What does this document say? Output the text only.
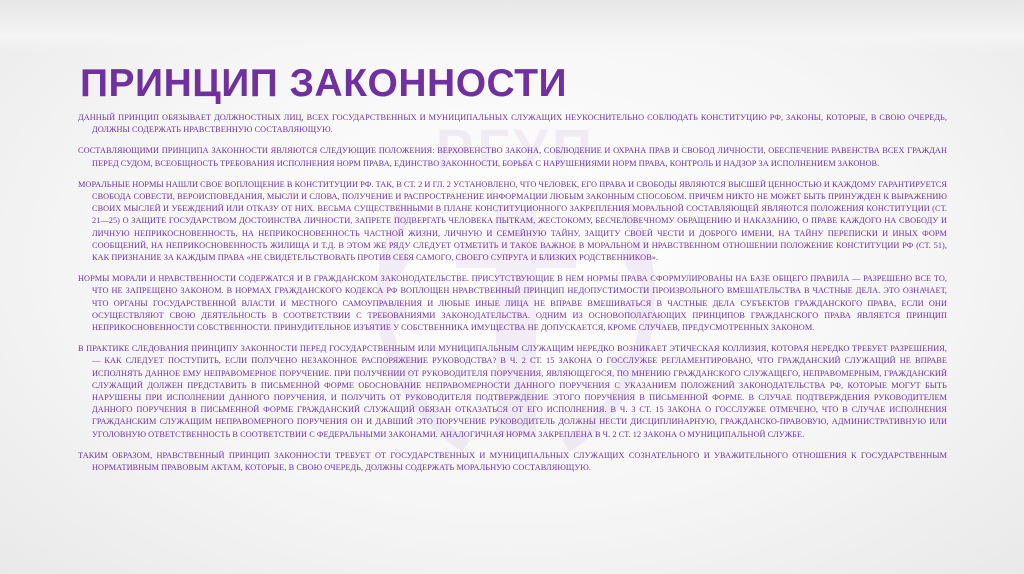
РГУП
ПРИНЦИП ЗАКОННОСТИ

ДАННЫЙ ПРИНЦИП ОБЯЗЫВАЕТ ДОЛЖНОСТНЫХ ЛИЦ, ВСЕХ ГОСУДАРСТВЕННЫХ И МУНИЦИПАЛЬНЫХ СЛУЖАЩИХ НЕУКОСНИТЕЛЬНО СОБЛЮДАТЬ КОНСТИТУЦИЮ РФ, ЗАКОНЫ, КОТОРЫЕ, В СВОЮ ОЧЕРЕДЬ, ДОЛЖНЫ СОДЕРЖАТЬ НРАВСТВЕННУЮ СОСТАВЛЯЮЩУЮ.

СОСТАВЛЯЮЩИМИ ПРИНЦИПА ЗАКОННОСТИ ЯВЛЯЮТСЯ СЛЕДУЮЩИЕ ПОЛОЖЕНИЯ: ВЕРХОВЕНСТВО ЗАКОНА, СОБЛЮДЕНИЕ И ОХРАНА ПРАВ И СВОБОД ЛИЧНОСТИ, ОБЕСПЕЧЕНИЕ РАВЕНСТВА ВСЕХ ГРАЖДАН ПЕРЕД СУДОМ, ВСЕОБЩНОСТЬ ТРЕБОВАНИЯ ИСПОЛНЕНИЯ НОРМ ПРАВА, ЕДИНСТВО ЗАКОННОСТИ, БОРЬБА С НАРУШЕНИЯМИ НОРМ ПРАВА, КОНТРОЛЬ И НАДЗОР ЗА ИСПОЛНЕНИЕМ ЗАКОНОВ.

МОРАЛЬНЫЕ НОРМЫ НАШЛИ СВОЕ ВОПЛОЩЕНИЕ В КОНСТИТУЦИИ РФ. ТАК, В СТ. 2 И ГЛ. 2 УСТАНОВЛЕНО, ЧТО ЧЕЛОВЕК, ЕГО ПРАВА И СВОБОДЫ ЯВЛЯЮТСЯ ВЫСШЕЙ ЦЕННОСТЬЮ И КАЖДОМУ ГАРАНТИРУЕТСЯ СВОБОДА СОВЕСТИ, ВЕРОИСПОВЕДАНИЯ, МЫСЛИ И СЛОВА, ПОЛУЧЕНИЕ И РАСПРОСТРАНЕНИЕ ИНФОРМАЦИИ ЛЮБЫМ ЗАКОННЫМ СПОСОБОМ. ПРИЧЕМ НИКТО НЕ МОЖЕТ БЫТЬ ПРИНУЖДЕН К ВЫРАЖЕНИЮ СВОИХ МЫСЛЕЙ И УБЕЖДЕНИЙ ИЛИ ОТКАЗУ ОТ НИХ. ВЕСЬМА СУЩЕСТВЕННЫМИ В ПЛАНЕ КОНСТИТУЦИОННОГО ЗАКРЕПЛЕНИЯ МОРАЛЬНОЙ СОСТАВЛЯЮЩЕЙ ЯВЛЯЮТСЯ ПОЛОЖЕНИЯ КОНСТИТУЦИИ (СТ. 21—25) О ЗАЩИТЕ ГОСУДАРСТВОМ ДОСТОИНСТВА ЛИЧНОСТИ, ЗАПРЕТЕ ПОДВЕРГАТЬ ЧЕЛОВЕКА ПЫТКАМ, ЖЕСТОКОМУ, БЕСЧЕЛОВЕЧНОМУ ОБРАЩЕНИЮ И НАКАЗАНИЮ, О ПРАВЕ КАЖДОГО НА СВОБОДУ И ЛИЧНУЮ НЕПРИКОСНОВЕННОСТЬ, НА НЕПРИКОСНОВЕННОСТЬ ЧАСТНОЙ ЖИЗНИ, ЛИЧНУЮ И СЕМЕЙНУЮ ТАЙНУ, ЗАЩИТУ СВОЕЙ ЧЕСТИ И ДОБРОГО ИМЕНИ, НА ТАЙНУ ПЕРЕПИСКИ И ИНЫХ ФОРМ СООБЩЕНИЙ, НА НЕПРИКОСНОВЕННОСТЬ ЖИЛИЩА И Т.Д. В ЭТОМ ЖЕ РЯДУ СЛЕДУЕТ ОТМЕТИТЬ И ТАКОЕ ВАЖНОЕ В МОРАЛЬНОМ И НРАВСТВЕННОМ ОТНОШЕНИИ ПОЛОЖЕНИЕ КОНСТИТУЦИИ РФ (СТ. 51), КАК ПРИЗНАНИЕ ЗА КАЖДЫМ ПРАВА «НЕ СВИДЕТЕЛЬСТВОВАТЬ ПРОТИВ СЕБЯ САМОГО, СВОЕГО СУПРУГА И БЛИЗКИХ РОДСТВЕННИКОВ».

НОРМЫ МОРАЛИ И НРАВСТВЕННОСТИ СОДЕРЖАТСЯ И В ГРАЖДАНСКОМ ЗАКОНОДАТЕЛЬСТВЕ. ПРИСУТСТВУЮЩИЕ В НЕМ НОРМЫ ПРАВА СФОРМУЛИРОВАНЫ НА БАЗЕ ОБЩЕГО ПРАВИЛА — РАЗРЕШЕНО ВСЕ ТО, ЧТО НЕ ЗАПРЕЩЕНО ЗАКОНОМ. В НОРМАХ ГРАЖДАНСКОГО КОДЕКСА РФ ВОПЛОЩЕН НРАВСТВЕННЫЙ ПРИНЦИП НЕДОПУСТИМОСТИ ПРОИЗВОЛЬНОГО ВМЕШАТЕЛЬСТВА В ЧАСТНЫЕ ДЕЛА. ЭТО ОЗНАЧАЕТ, ЧТО ОРГАНЫ ГОСУДАРСТВЕННОЙ ВЛАСТИ И МЕСТНОГО САМОУПРАВЛЕНИЯ И ЛЮБЫЕ ИНЫЕ ЛИЦА НЕ ВПРАВЕ ВМЕШИВАТЬСЯ В ЧАСТНЫЕ ДЕЛА СУБЪЕКТОВ ГРАЖДАНСКОГО ПРАВА, ЕСЛИ ОНИ ОСУЩЕСТВЛЯЮТ СВОЮ ДЕЯТЕЛЬНОСТЬ В СООТВЕТСТВИИ С ТРЕБОВАНИЯМИ ЗАКОНОДАТЕЛЬСТВА. ОДНИМ ИЗ ОСНОВОПОЛАГАЮЩИХ ПРИНЦИПОВ ГРАЖДАНСКОГО ПРАВА ЯВЛЯЕТСЯ ПРИНЦИП НЕПРИКОСНОВЕННОСТИ СОБСТВЕННОСТИ. ПРИНУДИТЕЛЬНОЕ ИЗЪЯТИЕ У СОБСТВЕННИКА ИМУЩЕСТВА НЕ ДОПУСКАЕТСЯ, КРОМЕ СЛУЧАЕВ, ПРЕДУСМОТРЕННЫХ ЗАКОНОМ.

В ПРАКТИКЕ СЛЕДОВАНИЯ ПРИНЦИПУ ЗАКОННОСТИ ПЕРЕД ГОСУДАРСТВЕННЫМ ИЛИ МУНИЦИПАЛЬНЫМ СЛУЖАЩИМ НЕРЕДКО ВОЗНИКАЕТ ЭТИЧЕСКАЯ КОЛЛИЗИЯ, КОТОРАЯ НЕРЕДКО ТРЕБУЕТ РАЗРЕШЕНИЯ, — КАК СЛЕДУЕТ ПОСТУПИТЬ, ЕСЛИ ПОЛУЧЕНО НЕЗАКОННОЕ РАСПОРЯЖЕНИЕ РУКОВОДСТВА? В Ч. 2 СТ. 15 ЗАКОНА О ГОССЛУЖБЕ РЕГЛАМЕНТИРОВАНО, ЧТО ГРАЖДАНСКИЙ СЛУЖАЩИЙ НЕ ВПРАВЕ ИСПОЛНЯТЬ ДАННОЕ ЕМУ НЕПРАВОМЕРНОЕ ПОРУЧЕНИЕ. ПРИ ПОЛУЧЕНИИ ОТ РУКОВОДИТЕЛЯ ПОРУЧЕНИЯ, ЯВЛЯЮЩЕГОСЯ, ПО МНЕНИЮ ГРАЖДАНСКОГО СЛУЖАЩЕГО, НЕПРАВОМЕРНЫМ, ГРАЖДАНСКИЙ СЛУЖАЩИЙ ДОЛЖЕН ПРЕДСТАВИТЬ В ПИСЬМЕННОЙ ФОРМЕ ОБОСНОВАНИЕ НЕПРАВОМЕРНОСТИ ДАННОГО ПОРУЧЕНИЯ С УКАЗАНИЕМ ПОЛОЖЕНИЙ ЗАКОНОДАТЕЛЬСТВА РФ, КОТОРЫЕ МОГУТ БЫТЬ НАРУШЕНЫ ПРИ ИСПОЛНЕНИИ ДАННОГО ПОРУЧЕНИЯ, И ПОЛУЧИТЬ ОТ РУКОВОДИТЕЛЯ ПОДТВЕРЖДЕНИЕ ЭТОГО ПОРУЧЕНИЯ В ПИСЬМЕННОЙ ФОРМЕ. В СЛУЧАЕ ПОДТВЕРЖДЕНИЯ РУКОВОДИТЕЛЕМ ДАННОГО ПОРУЧЕНИЯ В ПИСЬМЕННОЙ ФОРМЕ ГРАЖДАНСКИЙ СЛУЖАЩИЙ ОБЯЗАН ОТКАЗАТЬСЯ ОТ ЕГО ИСПОЛНЕНИЯ. В Ч. 3 СТ. 15 ЗАКОНА О ГОССЛУЖБЕ ОТМЕЧЕНО, ЧТО В СЛУЧАЕ ИСПОЛНЕНИЯ ГРАЖДАНСКИМ СЛУЖАЩИМ НЕПРАВОМЕРНОГО ПОРУЧЕНИЯ ОН И ДАВШИЙ ЭТО ПОРУЧЕНИЕ РУКОВОДИТЕЛЬ ДОЛЖНЫ НЕСТИ ДИСЦИПЛИНАРНУЮ, ГРАЖДАНСКО-ПРАВОВУЮ, АДМИНИСТРАТИВНУЮ ИЛИ УГОЛОВНУЮ ОТВЕТСТВЕННОСТЬ В СООТВЕТСТВИИ С ФЕДЕРАЛЬНЫМИ ЗАКОНАМИ. АНАЛОГИЧНАЯ НОРМА ЗАКРЕПЛЕНА В Ч. 2 СТ. 12 ЗАКОНА О МУНИЦИПАЛЬНОЙ СЛУЖБЕ.

ТАКИМ ОБРАЗОМ, НРАВСТВЕННЫЙ ПРИНЦИП ЗАКОННОСТИ ТРЕБУЕТ ОТ ГОСУДАРСТВЕННЫХ И МУНИЦИПАЛЬНЫХ СЛУЖАЩИХ СОЗНАТЕЛЬНОГО И УВАЖИТЕЛЬНОГО ОТНОШЕНИЯ К ГОСУДАРСТВЕННЫМ НОРМАТИВНЫМ ПРАВОВЫМ АКТАМ, КОТОРЫЕ, В СВОЮ ОЧЕРЕДЬ, ДОЛЖНЫ СОДЕРЖАТЬ МОРАЛЬНУЮ СОСТАВЛЯЮЩУЮ.
